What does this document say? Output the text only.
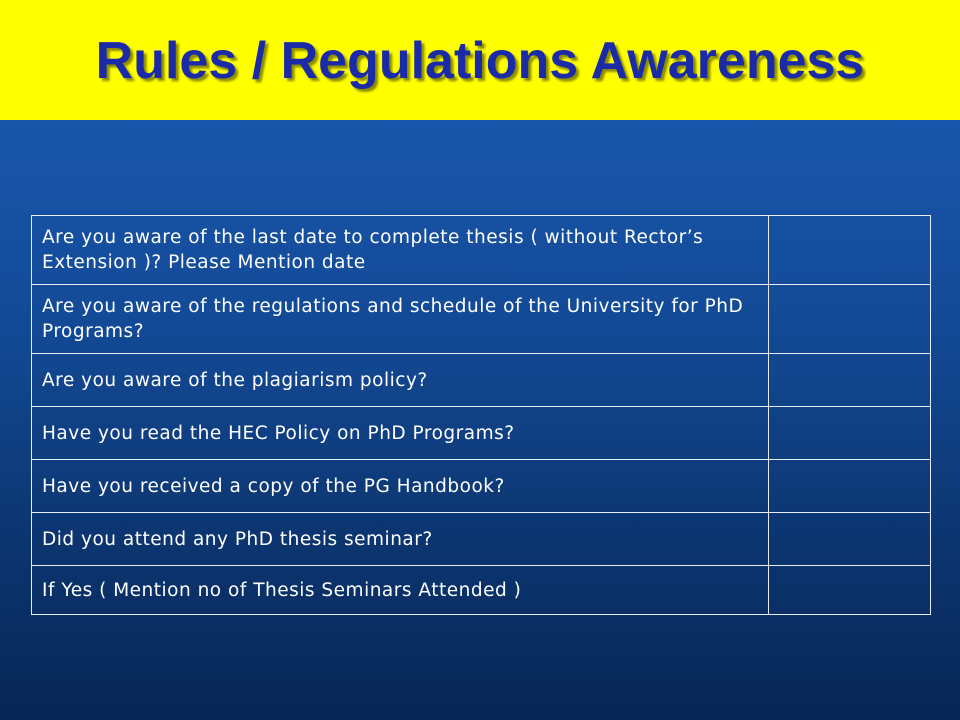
Rules / Regulations Awareness
Are you aware of the last date to complete thesis ( without Rector’s Extension )? Please Mention date	
Are you aware of the regulations and schedule of the University for PhD Programs?	
Are you aware of the plagiarism policy?	
Have you read the HEC Policy on PhD Programs?	
Have you received a copy of the PG Handbook?	
Did you attend any PhD thesis seminar?	
If Yes ( Mention no of Thesis Seminars Attended )	
